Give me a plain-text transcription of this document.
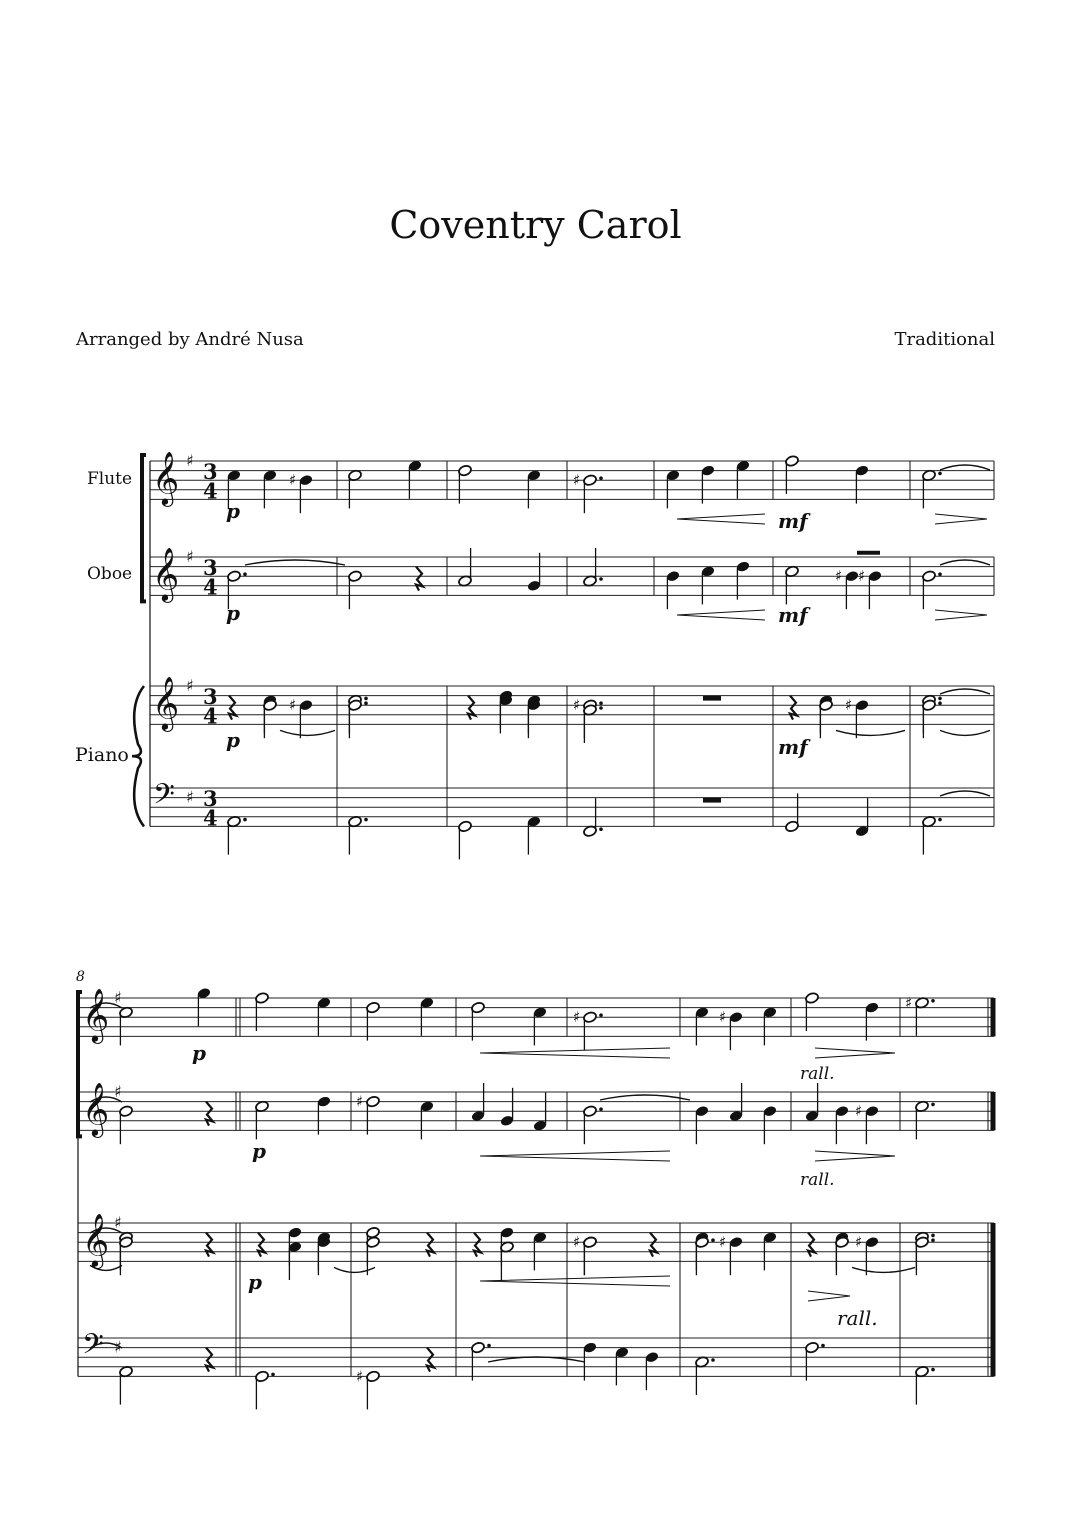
Coventry Carol
Arranged by André Nusa	Traditional
Flute
Oboe
Piano
𝄞 ♯ 3
4
𝄞 ♯ 3
4
𝄞 ♯ 3
4
𝄢 ♯ 3
4
♯	♯
p	mf
♯ ♯
p	mf
♯	♯	♯
p	mf
8
𝄞 ♯
𝄞 ♯
𝄞 ♯
𝄢 ♯
p
♯	♯
rall.
♯
p
♯
♯
rall.
p
♯	♯	♯
rall.
♯
